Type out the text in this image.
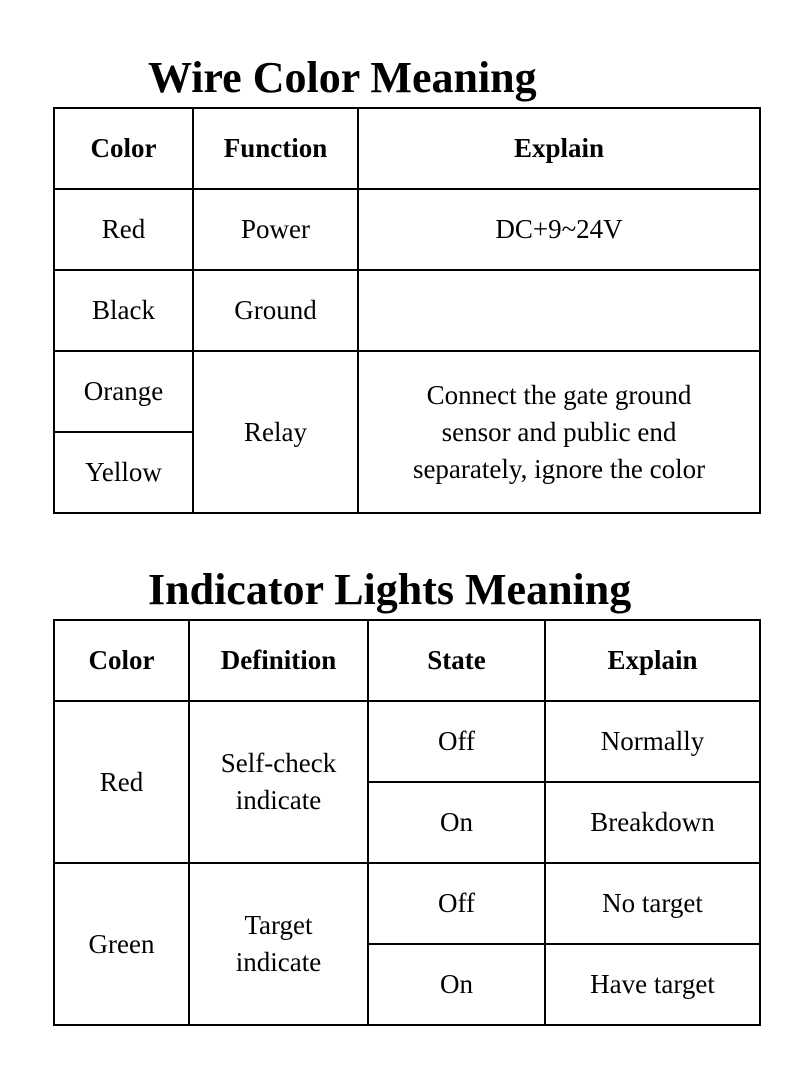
Wire Color Meaning
Color	Function	Explain
Red	Power	DC+9~24V
Black	Ground	
Orange	Relay	Connect the gate ground
sensor and public end
separately, ignore the color
Yellow		
Indicator Lights Meaning
Color	Definition	State	Explain
Red	Self-check
indicate	Off	Normally
		On	Breakdown
Green	Target
indicate	Off	No target
		On	Have target
